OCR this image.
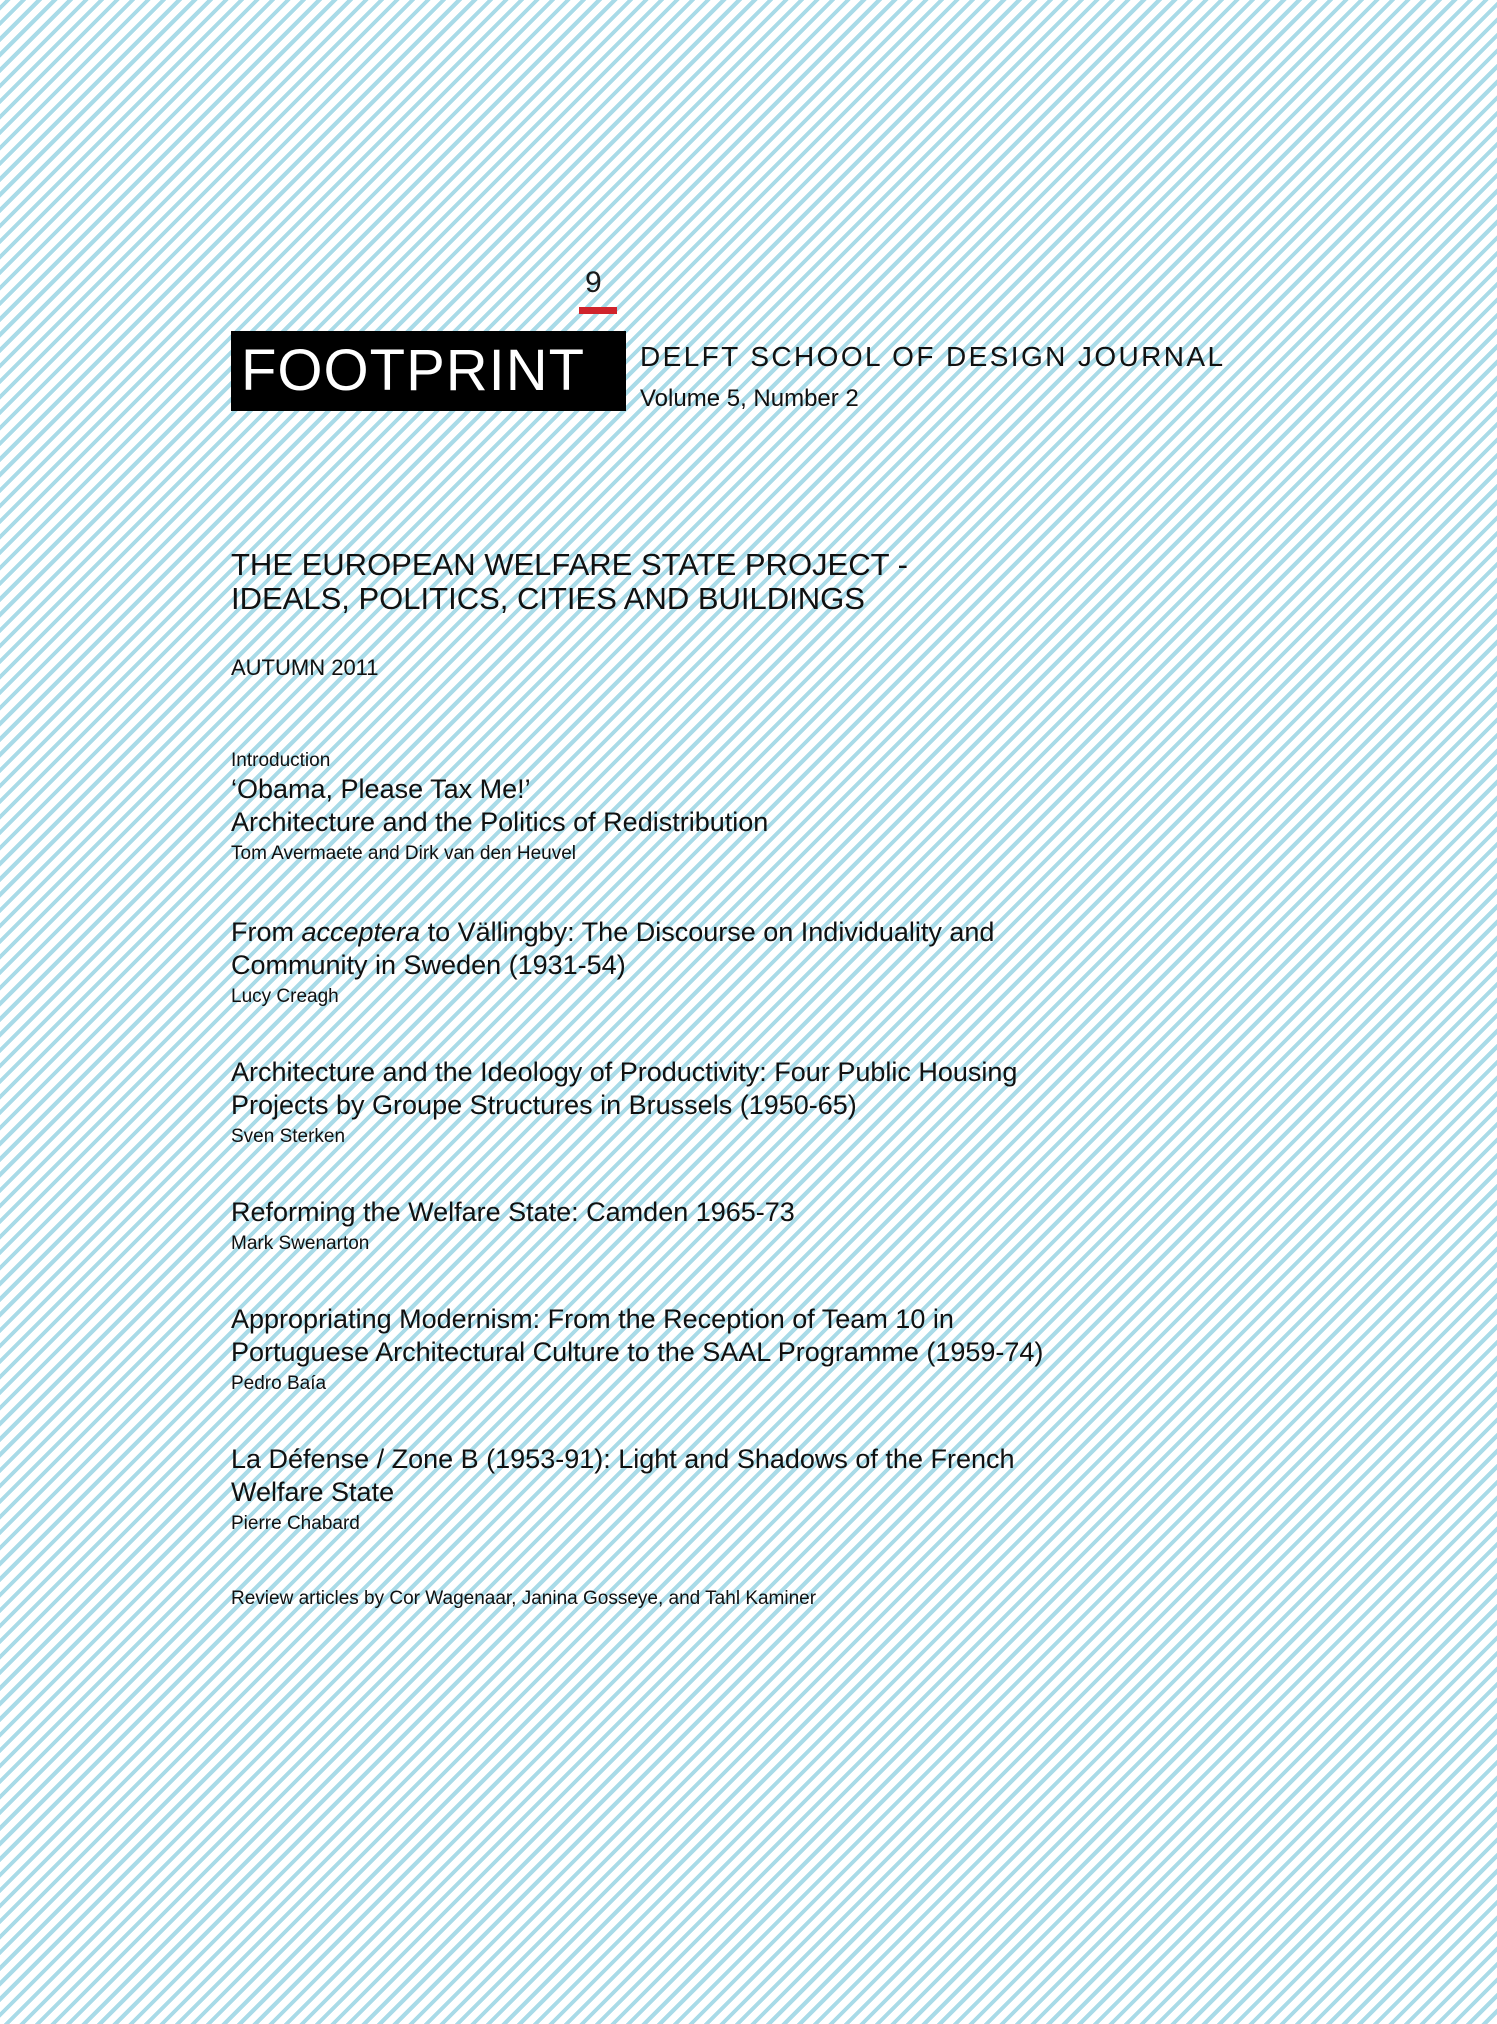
9
FOOTPRINT	DELFT SCHOOL OF DESIGN JOURNAL
Volume 5, Number 2
THE EUROPEAN WELFARE STATE PROJECT -
IDEALS, POLITICS, CITIES AND BUILDINGS
AUTUMN 2011
Introduction
‘Obama, Please Tax Me!’
Architecture and the Politics of Redistribution
Tom Avermaete and Dirk van den Heuvel
From acceptera to Vällingby: The Discourse on Individuality and
Community in Sweden (1931-54)
Lucy Creagh
Architecture and the Ideology of Productivity: Four Public Housing
Projects by Groupe Structures in Brussels (1950-65)
Sven Sterken
Reforming the Welfare State: Camden 1965-73
Mark Swenarton
Appropriating Modernism: From the Reception of Team 10 in
Portuguese Architectural Culture to the SAAL Programme (1959-74)
Pedro Baía
La Défense / Zone B (1953-91): Light and Shadows of the French
Welfare State
Pierre Chabard
Review articles by Cor Wagenaar, Janina Gosseye, and Tahl Kaminer
